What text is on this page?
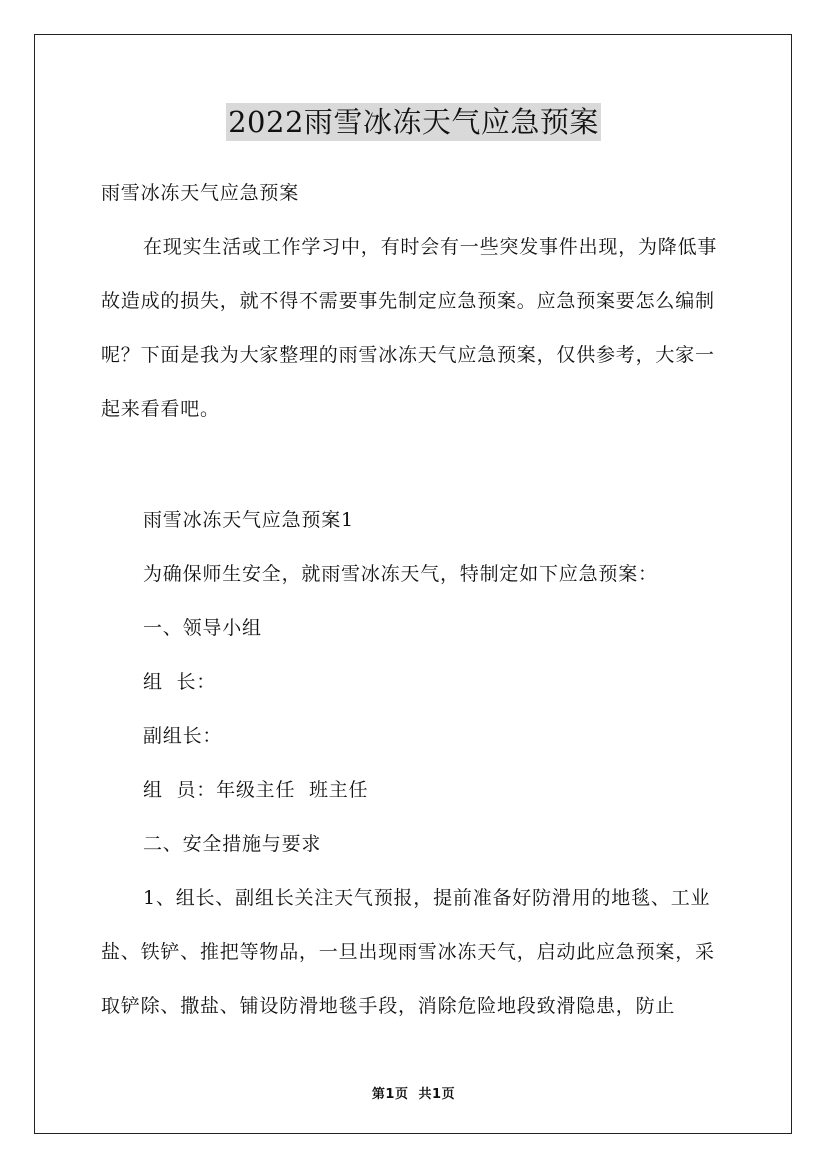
2022雨雪冰冻天气应急预案

雨雪冰冻天气应急预案

在现实生活或工作学习中，有时会有一些突发事件出现，为降低事故造成的损失，就不得不需要事先制定应急预案。应急预案要怎么编制呢？下面是我为大家整理的雨雪冰冻天气应急预案，仅供参考，大家一起来看看吧。

雨雪冰冻天气应急预案1
为确保师生安全，就雨雪冰冻天气，特制定如下应急预案：
一、领导小组
组  长：
副组长：
组  员：年级主任  班主任
二、安全措施与要求

1、组长、副组长关注天气预报，提前准备好防滑用的地毯、工业盐、铁铲、推把等物品，一旦出现雨雪冰冻天气，启动此应急预案，采取铲除、撒盐、铺设防滑地毯手段，消除危险地段致滑隐患，防止

第1页  共1页
